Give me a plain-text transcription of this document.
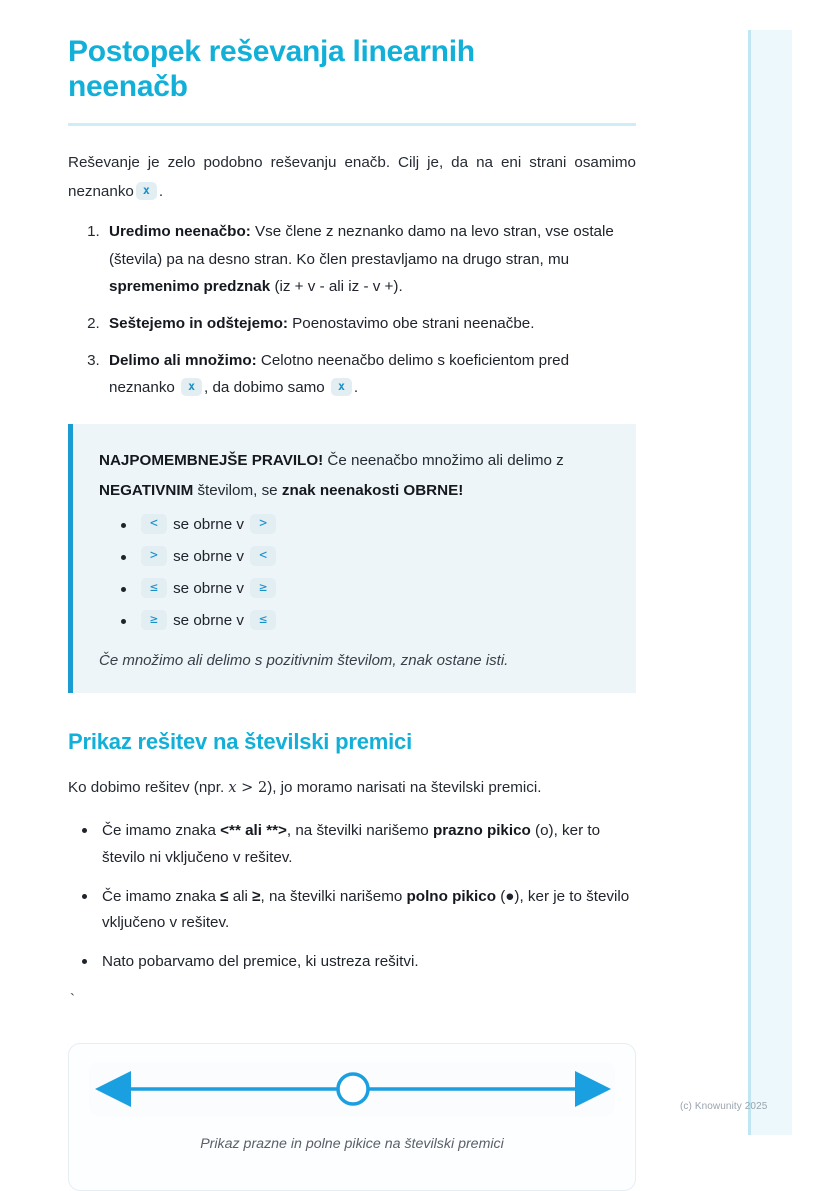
Postopek reševanja linearnih neenačb

Reševanje je zelo podobno reševanju enačb. Cilj je, da na eni strani osamimo neznanko x .

1. Uredimo neenačbo: Vse člene z neznanko damo na levo stran, vse ostale (števila) pa na desno stran. Ko člen prestavljamo na drugo stran, mu spremenimo predznak (iz + v - ali iz - v +).
2. Seštejemo in odštejemo: Poenostavimo obe strani neenačbe.
3. Delimo ali množimo: Celotno neenačbo delimo s koeficientom pred neznanko x , da dobimo samo x .

NAJPOMEMBNEJŠE PRAVILO! Če neenačbo množimo ali delimo z NEGATIVNIM številom, se znak neenakosti OBRNE!

< se obrne v >
> se obrne v <
≤ se obrne v ≥
≥ se obrne v ≤

Če množimo ali delimo s pozitivnim številom, znak ostane isti.

Prikaz rešitev na številski premici

Ko dobimo rešitev (npr. x > 2), jo moramo narisati na številski premici.

Če imamo znaka <** ali **>, na številki narišemo prazno pikico (o), ker to število ni vključeno v rešitev.
Če imamo znaka ≤ ali ≥, na številki narišemo polno pikico (●), ker je to število vključeno v rešitev.
Nato pobarvamo del premice, ki ustreza rešitvi.
`

Prikaz prazne in polne pikice na številski premici

(c) Knowunity 2025
